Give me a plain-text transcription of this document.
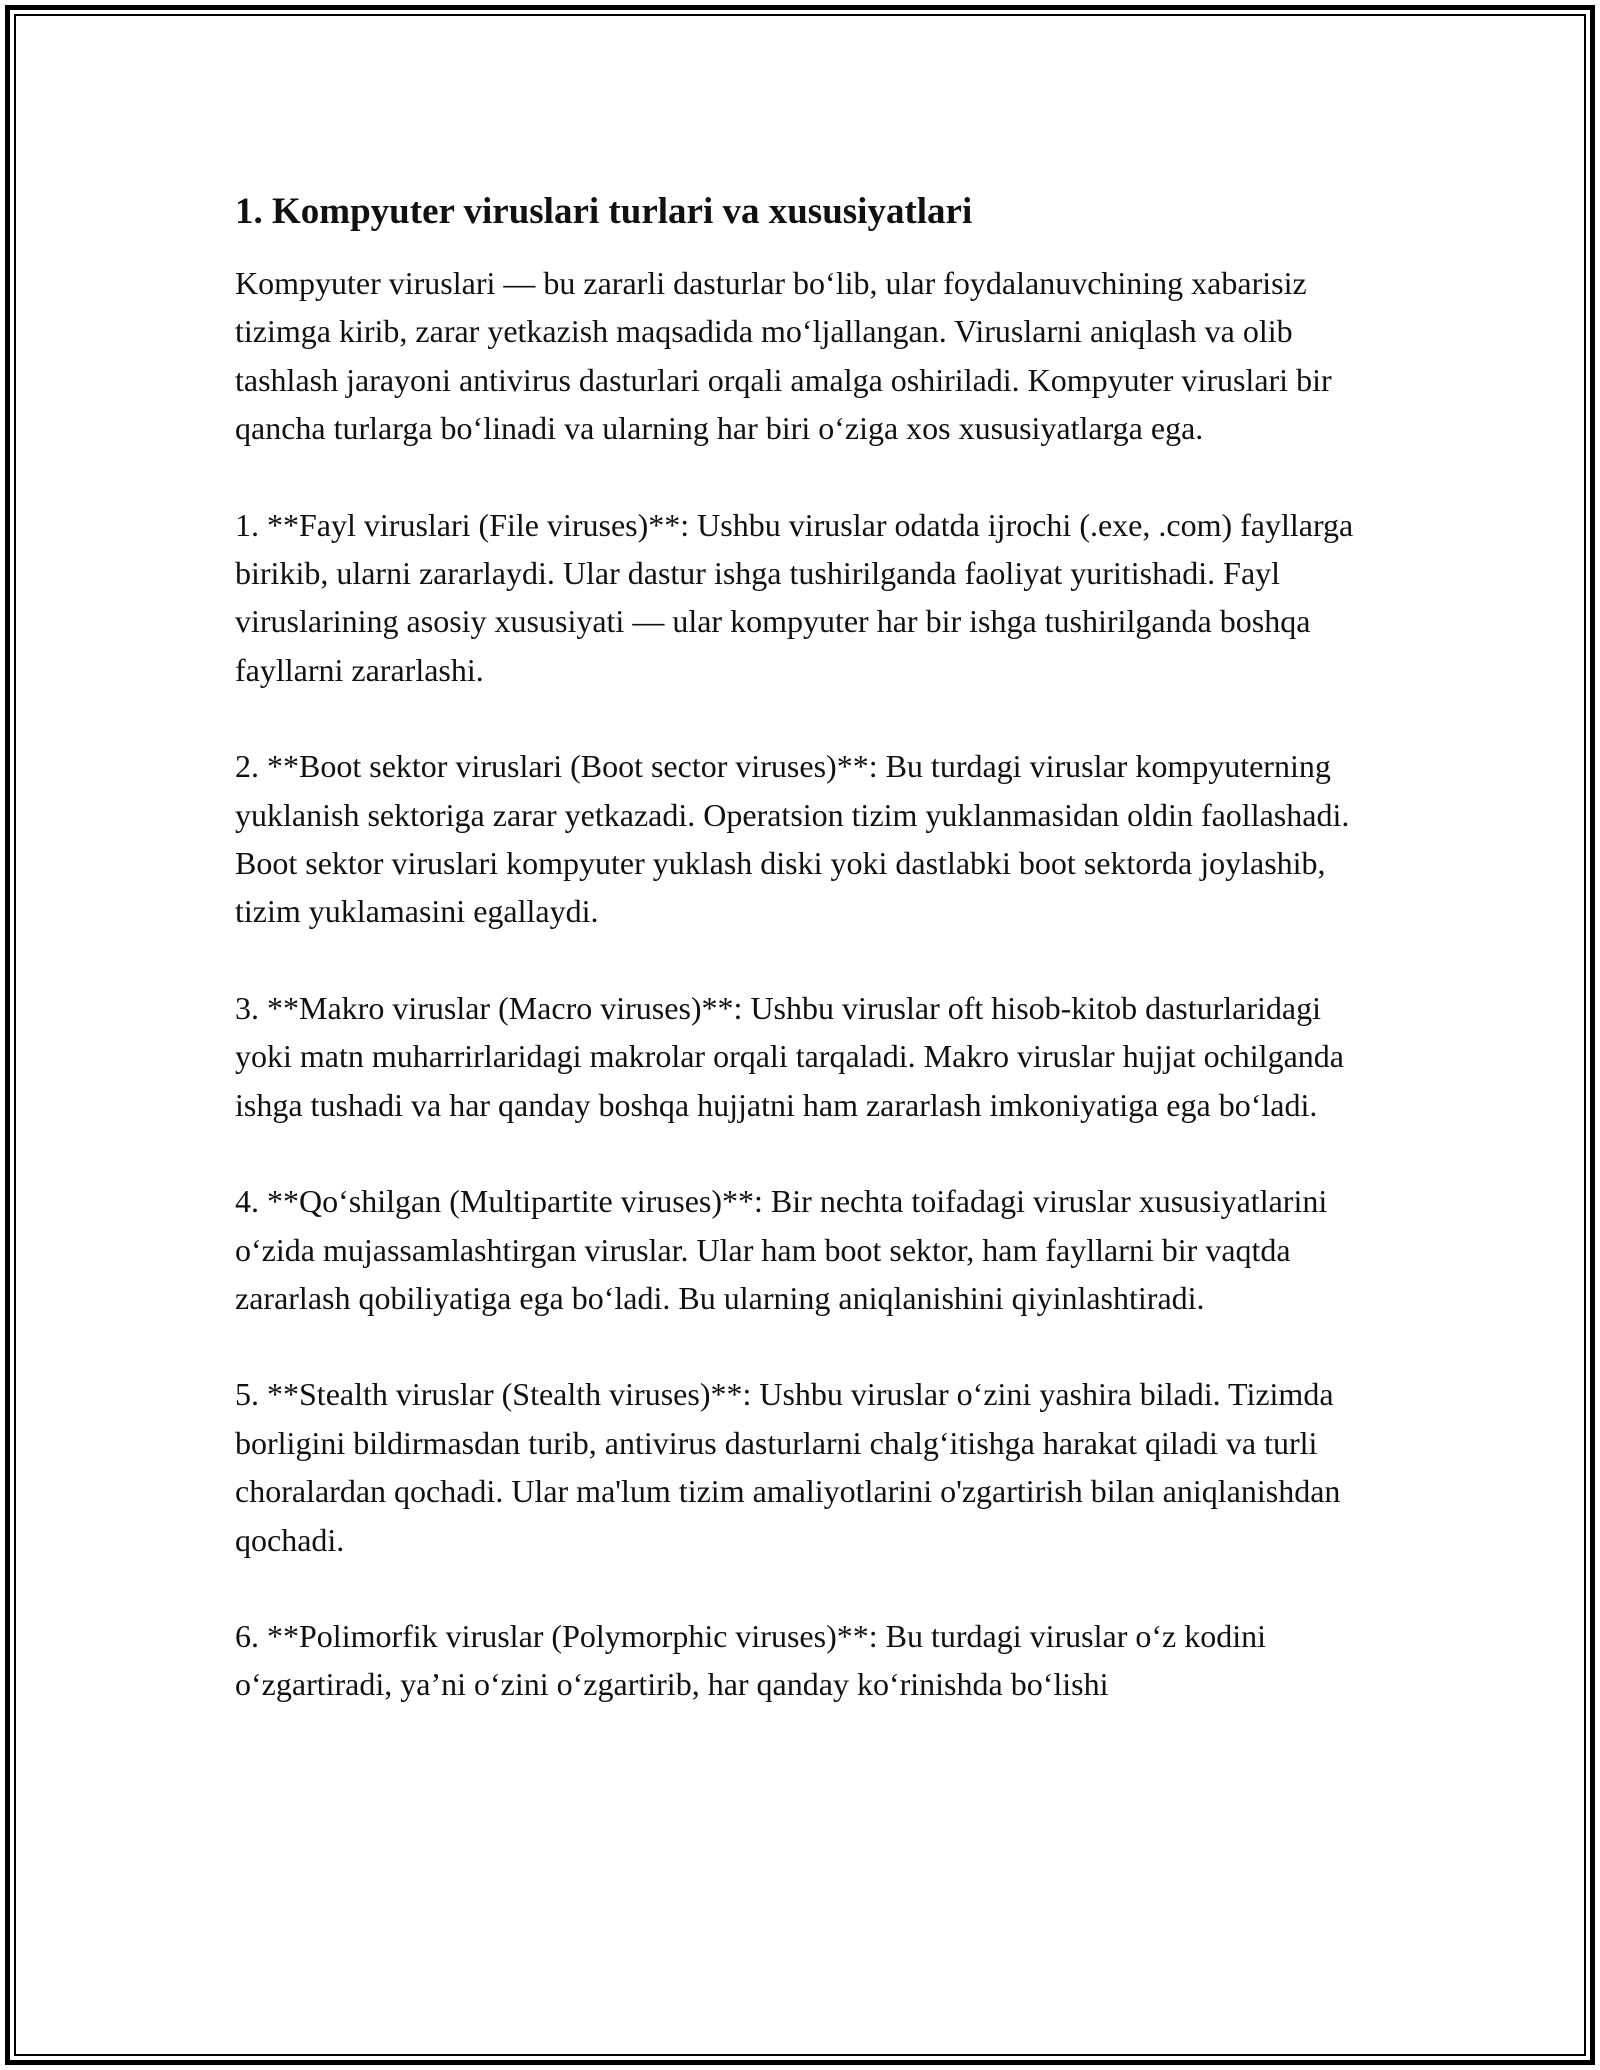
1. Kompyuter viruslari turlari va xususiyatlari

Kompyuter viruslari — bu zararli dasturlar bo‘lib, ular foydalanuvchining xabarisiz tizimga kirib, zarar yetkazish maqsadida mo‘ljallangan. Viruslarni aniqlash va olib tashlash jarayoni antivirus dasturlari orqali amalga oshiriladi. Kompyuter viruslari bir qancha turlarga bo‘linadi va ularning har biri o‘ziga xos xususiyatlarga ega.

1. **Fayl viruslari (File viruses)**: Ushbu viruslar odatda ijrochi (.exe, .com) fayllarga birikib, ularni zararlaydi. Ular dastur ishga tushirilganda faoliyat yuritishadi. Fayl viruslarining asosiy xususiyati — ular kompyuter har bir ishga tushirilganda boshqa fayllarni zararlashi.

2. **Boot sektor viruslari (Boot sector viruses)**: Bu turdagi viruslar kompyuterning yuklanish sektoriga zarar yetkazadi. Operatsion tizim yuklanmasidan oldin faollashadi. Boot sektor viruslari kompyuter yuklash diski yoki dastlabki boot sektorda joylashib, tizim yuklamasini egallaydi.

3. **Makro viruslar (Macro viruses)**: Ushbu viruslar oft hisob-kitob dasturlaridagi yoki matn muharrirlaridagi makrolar orqali tarqaladi. Makro viruslar hujjat ochilganda ishga tushadi va har qanday boshqa hujjatni ham zararlash imkoniyatiga ega bo‘ladi.

4. **Qo‘shilgan (Multipartite viruses)**: Bir nechta toifadagi viruslar xususiyatlarini o‘zida mujassamlashtirgan viruslar. Ular ham boot sektor, ham fayllarni bir vaqtda zararlash qobiliyatiga ega bo‘ladi. Bu ularning aniqlanishini qiyinlashtiradi.

5. **Stealth viruslar (Stealth viruses)**: Ushbu viruslar o‘zini yashira biladi. Tizimda borligini bildirmasdan turib, antivirus dasturlarni chalg‘itishga harakat qiladi va turli choralardan qochadi. Ular ma'lum tizim amaliyotlarini o'zgartirish bilan aniqlanishdan qochadi.

6. **Polimorfik viruslar (Polymorphic viruses)**: Bu turdagi viruslar o‘z kodini o‘zgartiradi, ya’ni o‘zini o‘zgartirib, har qanday ko‘rinishda bo‘lishi
